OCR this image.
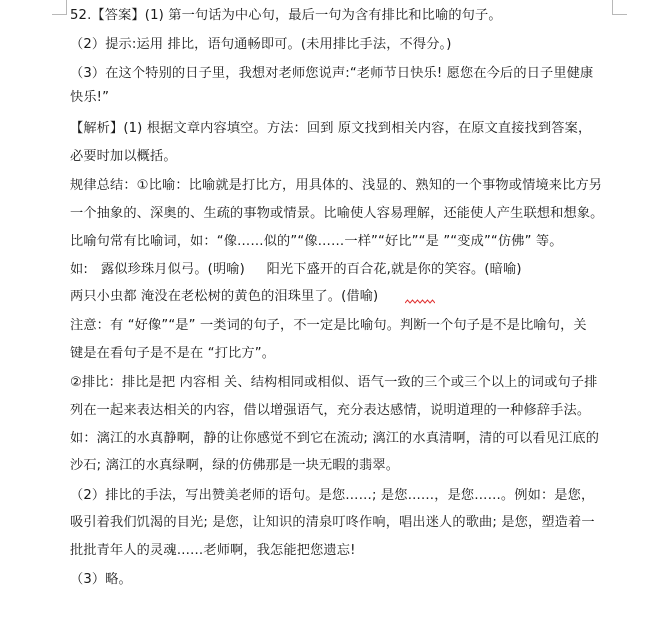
52.【答案】(1) 第一句话为中心句，最后一句为含有排比和比喻的句子。
（2）提示:运用 排比，语句通畅即可。(未用排比手法，不得分。)
（3）在这个特别的日子里，我想对老师您说声:“老师节日快乐! 愿您在今后的日子里健康
快乐!”
【解析】(1) 根据文章内容填空。方法：回到 原文找到相关内容，在原文直接找到答案，
必要时加以概括。
规律总结：①比喻：比喻就是打比方，用具体的、浅显的、熟知的一个事物或情境来比方另
一个抽象的、深奥的、生疏的事物或情景。比喻使人容易理解，还能使人产生联想和想象。
比喻句常有比喻词，如：“像……似的”“像……一样”“好比”“是 ”“变成”“仿佛” 等。
如:   露似珍珠月似弓。(明喻)     阳光下盛开的百合花,就是你的笑容。(暗喻)
两只小虫都 淹没在老松树的黄色的泪珠里了。(借喻)
注意：有 “好像”“是” 一类词的句子，不一定是比喻句。判断一个句子是不是比喻句，关
键是在看句子是不是在 “打比方”。
②排比：排比是把 内容相 关、结构相同或相似、语气一致的三个或三个以上的词或句子排
列在一起来表达相关的内容，借以增强语气，充分表达感情，说明道理的一种修辞手法。
如：漓江的水真静啊，静的让你感觉不到它在流动; 漓江的水真清啊，清的可以看见江底的
沙石; 漓江的水真绿啊，绿的仿佛那是一块无暇的翡翠。
（2）排比的手法，写出赞美老师的语句。是您……; 是您……，是您……。例如：是您，
吸引着我们饥渴的目光; 是您，让知识的清泉叮咚作响，唱出迷人的歌曲; 是您，塑造着一
批批青年人的灵魂……老师啊，我怎能把您遗忘!
（3）略。
